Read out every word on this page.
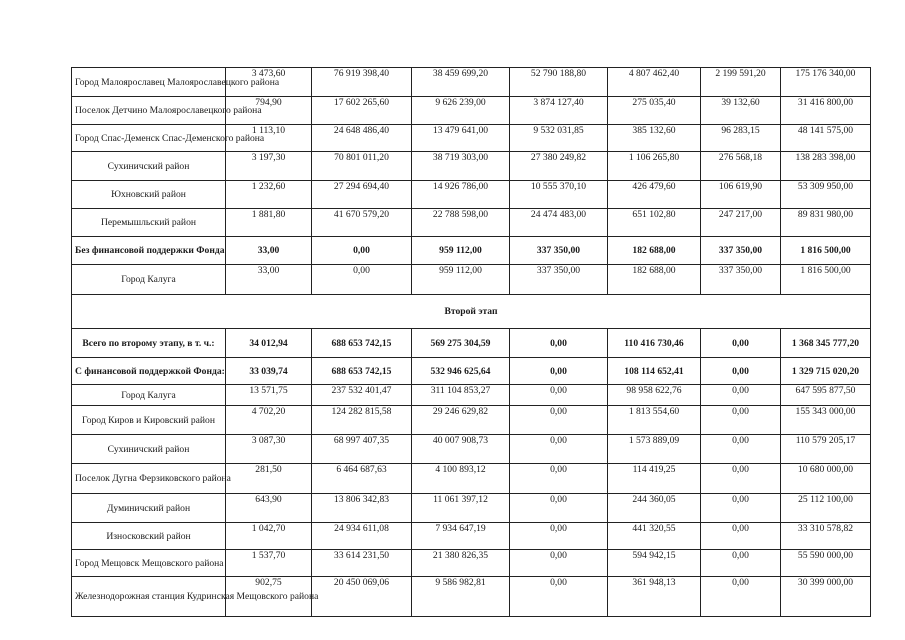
Город Малоярославец Малоярославецкого района	3 473,60	76 919 398,40	38 459 699,20	52 790 188,80	4 807 462,40	2 199 591,20	175 176 340,00
Поселок Детчино Малоярославецкого района	794,90	17 602 265,60	9 626 239,00	3 874 127,40	275 035,40	39 132,60	31 416 800,00
Город Спас-Деменск Спас-Деменского района	1 113,10	24 648 486,40	13 479 641,00	9 532 031,85	385 132,60	96 283,15	48 141 575,00
Сухиничский район	3 197,30	70 801 011,20	38 719 303,00	27 380 249,82	1 106 265,80	276 568,18	138 283 398,00
Юхновский район	1 232,60	27 294 694,40	14 926 786,00	10 555 370,10	426 479,60	106 619,90	53 309 950,00
Перемышльский район	1 881,80	41 670 579,20	22 788 598,00	24 474 483,00	651 102,80	247 217,00	89 831 980,00
Без финансовой поддержки Фонда	33,00	0,00	959 112,00	337 350,00	182 688,00	337 350,00	1 816 500,00
Город Калуга	33,00	0,00	959 112,00	337 350,00	182 688,00	337 350,00	1 816 500,00
Второй этап							
Всего по второму этапу, в т. ч.:	34 012,94	688 653 742,15	569 275 304,59	0,00	110 416 730,46	0,00	1 368 345 777,20
С финансовой поддержкой Фонда:	33 039,74	688 653 742,15	532 946 625,64	0,00	108 114 652,41	0,00	1 329 715 020,20
Город Калуга	13 571,75	237 532 401,47	311 104 853,27	0,00	98 958 622,76	0,00	647 595 877,50
Город Киров и Кировский район	4 702,20	124 282 815,58	29 246 629,82	0,00	1 813 554,60	0,00	155 343 000,00
Сухиничский район	3 087,30	68 997 407,35	40 007 908,73	0,00	1 573 889,09	0,00	110 579 205,17
Поселок Дугна Ферзиковского района	281,50	6 464 687,63	4 100 893,12	0,00	114 419,25	0,00	10 680 000,00
Думиничский район	643,90	13 806 342,83	11 061 397,12	0,00	244 360,05	0,00	25 112 100,00
Износковский район	1 042,70	24 934 611,08	7 934 647,19	0,00	441 320,55	0,00	33 310 578,82
Город Мещовск Мещовского района	1 537,70	33 614 231,50	21 380 826,35	0,00	594 942,15	0,00	55 590 000,00
Железнодорожная станция Кудринская Мещовского района	902,75	20 450 069,06	9 586 982,81	0,00	361 948,13	0,00	30 399 000,00
